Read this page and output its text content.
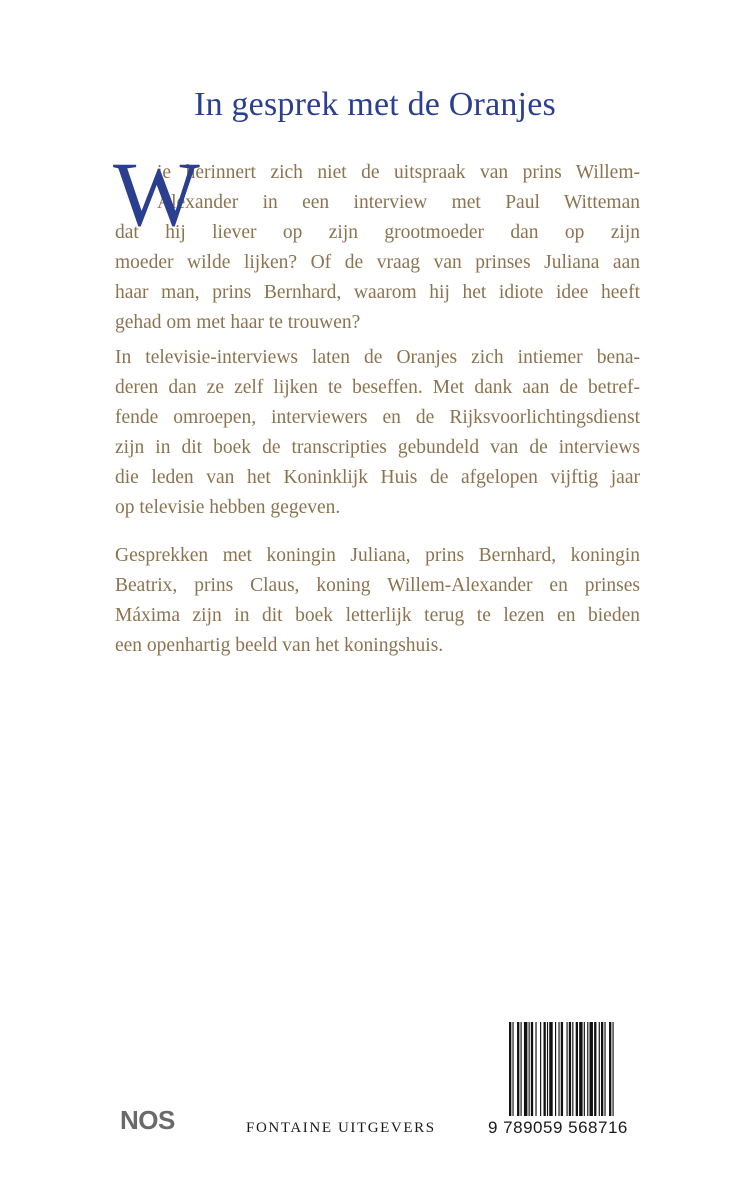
In gesprek met de Oranjes
W
ie herinnert zich niet de uitspraak van prins Willem-
Alexander in een interview met Paul Witteman
dat hij liever op zijn grootmoeder dan op zijn
moeder wilde lijken? Of de vraag van prinses Juliana aan
haar man, prins Bernhard, waarom hij het idiote idee heeft
gehad om met haar te trouwen?
In televisie-interviews laten de Oranjes zich intiemer bena-
deren dan ze zelf lijken te beseffen. Met dank aan de betref-
fende omroepen, interviewers en de Rijksvoorlichtingsdienst
zijn in dit boek de transcripties gebundeld van de interviews
die leden van het Koninklijk Huis de afgelopen vijftig jaar
op televisie hebben gegeven.
Gesprekken met koningin Juliana, prins Bernhard, koningin
Beatrix, prins Claus, koning Willem-Alexander en prinses
Máxima zijn in dit boek letterlijk terug te lezen en bieden
een openhartig beeld van het koningshuis.
NOS	FONTAINE UITGEVERS	9 789059 568716
